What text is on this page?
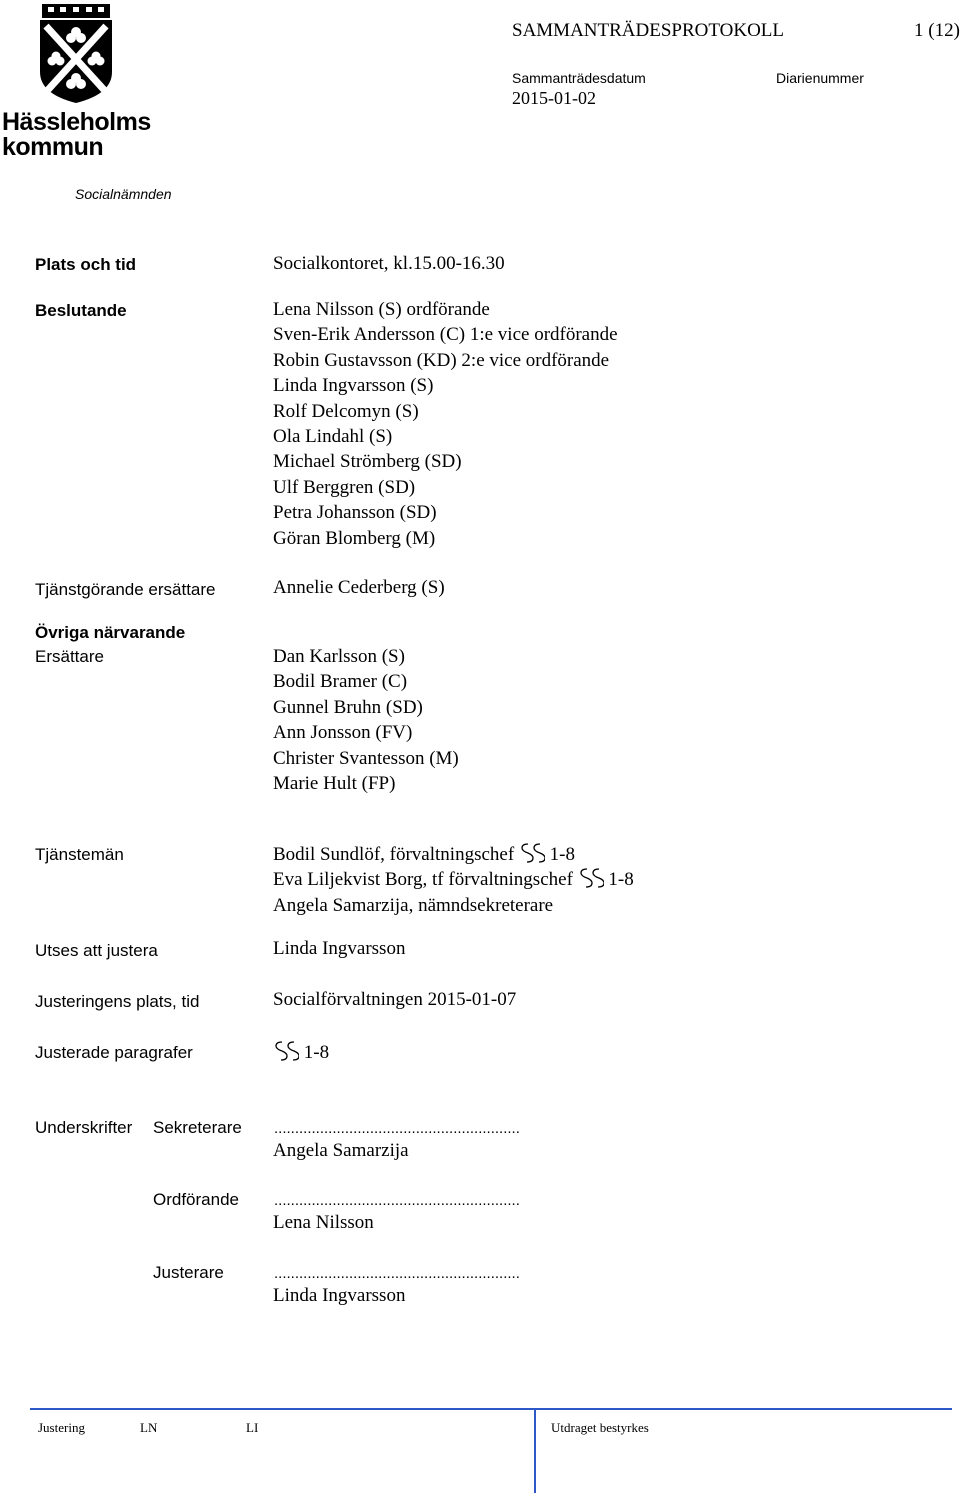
Hässleholms
kommun
SAMMANTRÄDESPROTOKOLL	1 (12)
Sammanträdesdatum	Diarienummer
2015-01-02
Socialnämnden
Plats och tid	Socialkontoret, kl.15.00-16.30
Beslutande	Lena Nilsson (S) ordförande
Sven-Erik Andersson (C) 1:e vice ordförande
Robin Gustavsson (KD) 2:e vice ordförande
Linda Ingvarsson (S)
Rolf Delcomyn (S)
Ola Lindahl (S)
Michael Strömberg (SD)
Ulf Berggren (SD)
Petra Johansson (SD)
Göran Blomberg (M)
Tjänstgörande ersättare	Annelie Cederberg (S)
Övriga närvarande
Ersättare	Dan Karlsson (S)
Bodil Bramer (C)
Gunnel Bruhn (SD)
Ann Jonsson (FV)
Christer Svantesson (M)
Marie Hult (FP)
Tjänstemän	Bodil Sundlöf, förvaltningschef 1-8
Eva Liljekvist Borg, tf förvaltningschef 1-8
Angela Samarzija, nämndsekreterare
Utses att justera	Linda Ingvarsson
Justeringens plats, tid	Socialförvaltningen 2015-01-07
Justerade paragrafer	1-8
Underskrifter Sekreterare ...........................................................
Angela Samarzija
Ordförande ...........................................................
Lena Nilsson
Justerare	...........................................................
Linda Ingvarsson
Justering	LN	LI	Utdraget bestyrkes
